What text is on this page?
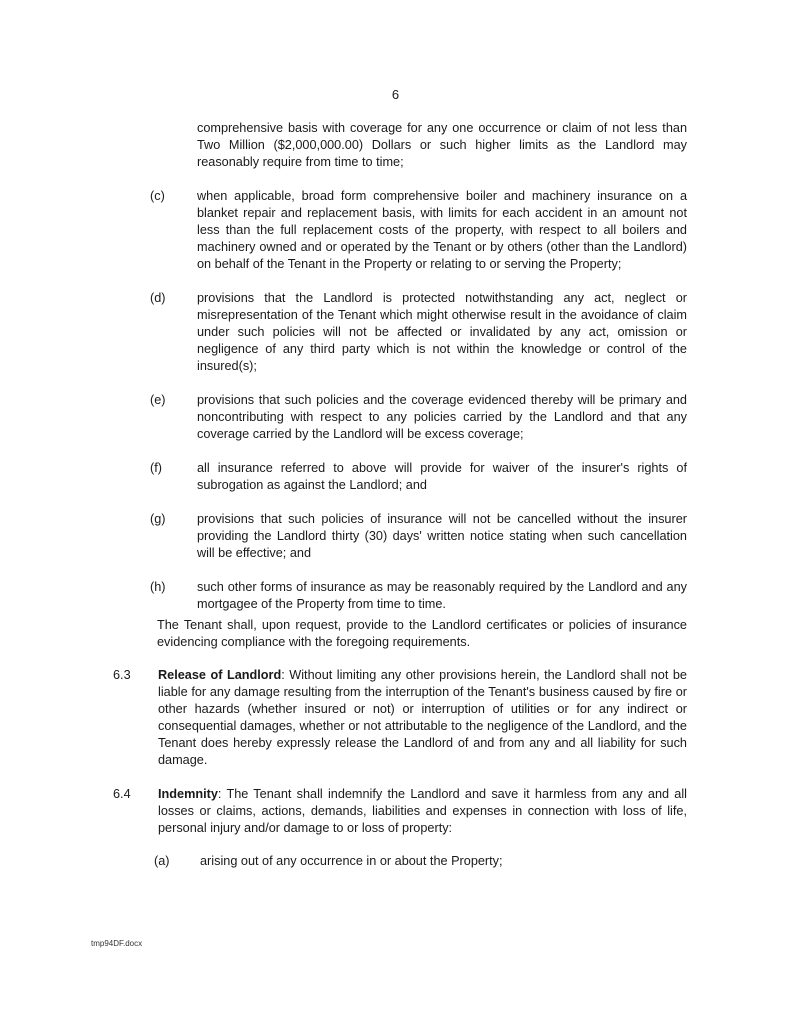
6

comprehensive basis with coverage for any one occurrence or claim of not less than Two Million ($2,000,000.00) Dollars or such higher limits as the Landlord may reasonably require from time to time;

(c)	when applicable, broad form comprehensive boiler and machinery insurance on a blanket repair and replacement basis, with limits for each accident in an amount not less than the full replacement costs of the property, with respect to all boilers and machinery owned and or operated by the Tenant or by others (other than the Landlord) on behalf of the Tenant in the Property or relating to or serving the Property;
(d) provisions that the Landlord is protected notwithstanding any act, neglect or misrepresentation of the Tenant which might otherwise result in the avoidance of claim under such policies will not be affected or invalidated by any act, omission or negligence of any third party which is not within the knowledge or control of the insured(s);
(e) provisions that such policies and the coverage evidenced thereby will be primary and noncontributing with respect to any policies carried by the Landlord and that any coverage carried by the Landlord will be excess coverage;
(f)	all insurance referred to above will provide for waiver of the insurer's rights of subrogation as against the Landlord; and
(g) provisions that such policies of insurance will not be cancelled without the insurer providing the Landlord thirty (30) days' written notice stating when such cancellation will be effective; and
(h) such other forms of insurance as may be reasonably required by the Landlord and any mortgagee of the Property from time to time.

The Tenant shall, upon request, provide to the Landlord certificates or policies of insurance evidencing compliance with the foregoing requirements.

6.3 Release of Landlord: Without limiting any other provisions herein, the Landlord shall not be liable for any damage resulting from the interruption of the Tenant's business caused by fire or other hazards (whether insured or not) or interruption of utilities or for any indirect or consequential damages, whether or not attributable to the negligence of the Landlord, and the Tenant does hereby expressly release the Landlord of and from any and all liability for such damage.
6.4 Indemnity: The Tenant shall indemnify the Landlord and save it harmless from any and all losses or claims, actions, demands, liabilities and expenses in connection with loss of life, personal injury and/or damage to or loss of property:
(a) arising out of any occurrence in or about the Property;
tmp94DF.docx
